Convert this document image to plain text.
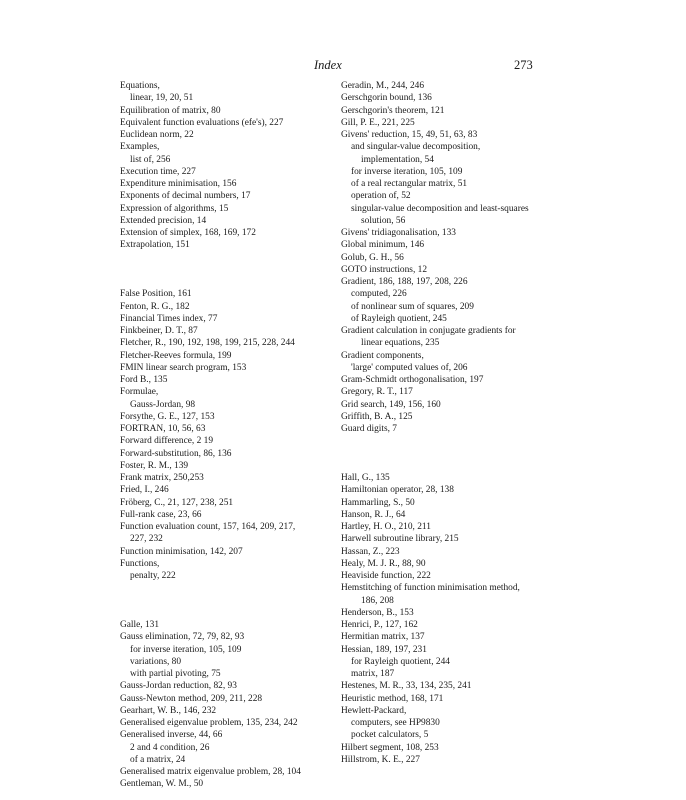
Index	273
Equations,
linear, 19, 20, 51
Equilibration of matrix, 80
Equivalent function evaluations (efe's), 227
Euclidean norm, 22
Examples,
list of, 256
Execution time, 227
Expenditure minimisation, 156
Exponents of decimal numbers, 17
Expression of algorithms, 15
Extended precision, 14
Extension of simplex, 168, 169, 172
Extrapolation, 151
False Position, 161
Fenton, R. G., 182
Financial Times index, 77
Finkbeiner, D. T., 87
Fletcher, R., 190, 192, 198, 199, 215, 228, 244
Fletcher-Reeves formula, 199
FMIN linear search program, 153
Ford B., 135
Formulae,
Gauss-Jordan, 98
Forsythe, G. E., 127, 153
FORTRAN, 10, 56, 63
Forward difference, 2 19
Forward-substitution, 86, 136
Foster, R. M., 139
Frank matrix, 250,253
Fried, I., 246
Fröberg, C., 21, 127, 238, 251
Full-rank case, 23, 66
Function evaluation count, 157, 164, 209, 217,
227, 232
Function minimisation, 142, 207
Functions,
penalty, 222
Galle, 131
Gauss elimination, 72, 79, 82, 93
for inverse iteration, 105, 109
variations, 80
with partial pivoting, 75
Gauss-Jordan reduction, 82, 93
Gauss-Newton method, 209, 211, 228
Gearhart, W. B., 146, 232
Generalised eigenvalue problem, 135, 234, 242
Generalised inverse, 44, 66
2 and 4 condition, 26
of a matrix, 24
Generalised matrix eigenvalue problem, 28, 104
Gentleman, W. M., 50
Geradin, M., 244, 246
Gerschgorin bound, 136
Gerschgorin's theorem, 121
Gill, P. E., 221, 225
Givens' reduction, 15, 49, 51, 63, 83
and singular-value decomposition,
implementation, 54
for inverse iteration, 105, 109
of a real rectangular matrix, 51
operation of, 52
singular-value decomposition and least-squares
solution, 56
Givens' tridiagonalisation, 133
Global minimum, 146
Golub, G. H., 56
GOTO instructions, 12
Gradient, 186, 188, 197, 208, 226
computed, 226
of nonlinear sum of squares, 209
of Rayleigh quotient, 245
Gradient calculation in conjugate gradients for
linear equations, 235
Gradient components,
'large' computed values of, 206
Gram-Schmidt orthogonalisation, 197
Gregory, R. T., 117
Grid search, 149, 156, 160
Griffith, B. A., 125
Guard digits, 7
Hall, G., 135
Hamiltonian operator, 28, 138
Hammarling, S., 50
Hanson, R. J., 64
Hartley, H. O., 210, 211
Harwell subroutine library, 215
Hassan, Z., 223
Healy, M. J. R., 88, 90
Heaviside function, 222
Hemstitching of function minimisation method,
186, 208
Henderson, B., 153
Henrici, P., 127, 162
Hermitian matrix, 137
Hessian, 189, 197, 231
for Rayleigh quotient, 244
matrix, 187
Hestenes, M. R., 33, 134, 235, 241
Heuristic method, 168, 171
Hewlett-Packard,
computers, see HP9830
pocket calculators, 5
Hilbert segment, 108, 253
Hillstrom, K. E., 227
